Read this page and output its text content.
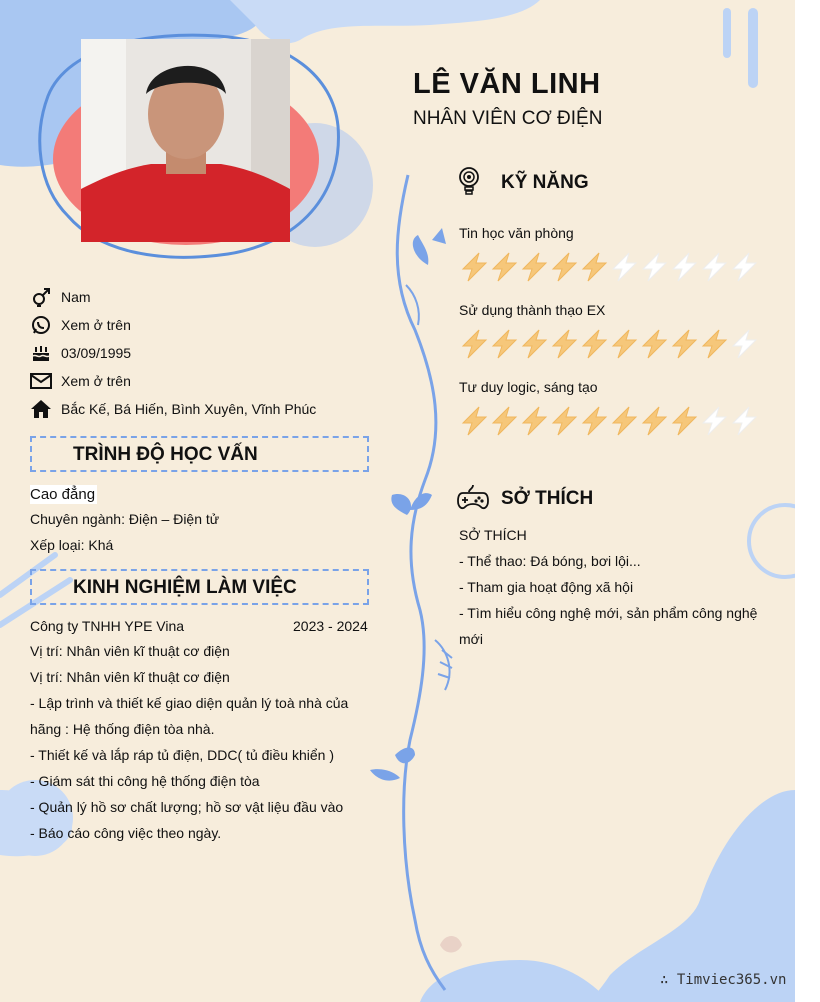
LÊ VĂN LINH
NHÂN VIÊN CƠ ĐIỆN
Nam
Xem ở trên
03/09/1995
Xem ở trên
Bắc Kế, Bá Hiến, Bình Xuyên, Vĩnh Phúc
TRÌNH ĐỘ HỌC VẤN
Cao đẳng
Chuyên ngành: Điện – Điện tử
Xếp loại: Khá
KINH NGHIỆM LÀM VIỆC
Công ty TNHH YPE Vina	2023 - 2024
Vị trí: Nhân viên kĩ thuật cơ điện
Vị trí: Nhân viên kĩ thuật cơ điện
- Lập trình và thiết kế giao diện quản lý toà nhà của
hãng : Hệ thống điện tòa nhà.
- Thiết kế và lắp ráp tủ điện, DDC( tủ điều khiển )
- Giám sát thi công hệ thống điện tòa
- Quản lý hồ sơ chất lượng; hồ sơ vật liệu đầu vào
- Báo cáo công việc theo ngày.
KỸ NĂNG
Tin học văn phòng
Sử dụng thành thạo EX
Tư duy logic, sáng tạo
SỞ THÍCH
SỞ THÍCH
- Thể thao: Đá bóng, bơi lội...
- Tham gia hoạt động xã hội
- Tìm hiểu công nghệ mới, sản phẩm công nghệ
mới
∴ Timviec365.vn
